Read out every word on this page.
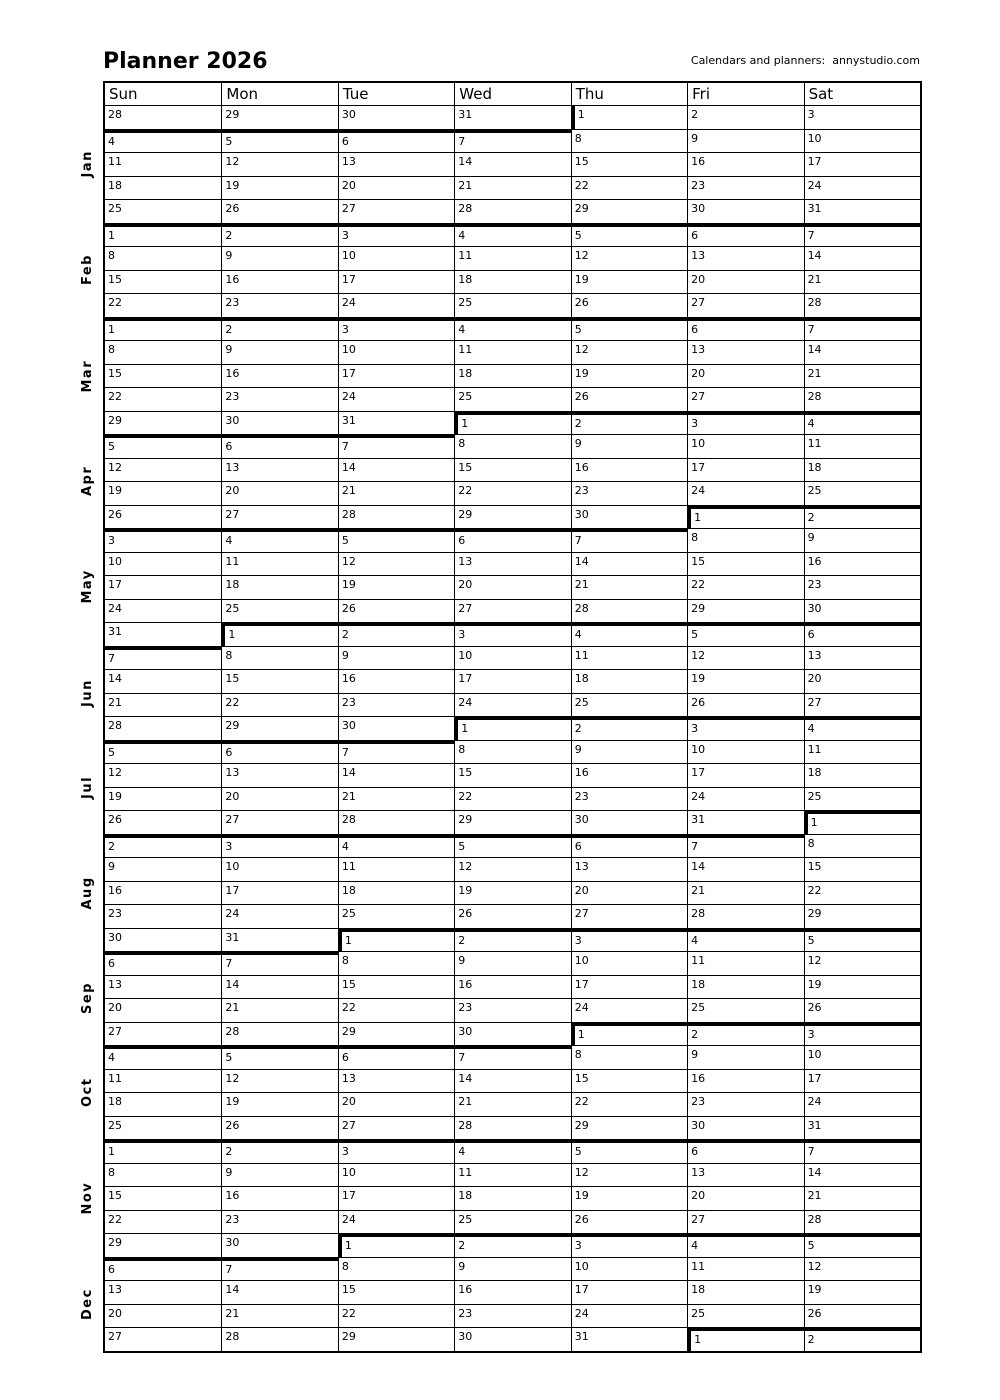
Planner 2026	Calendars and planners:  annystudio.com
Jan
Feb
Mar
Apr
May
Jun
Jul
Aug
Sep
Oct
Nov
Dec
Sun	Mon	Tue	Wed	Thu	Fri	Sat
28	29	30	31	1	2	3
4	5	6	7	8	9	10
11	12	13	14	15	16	17
18	19	20	21	22	23	24
25	26	27	28	29	30	31
1	2	3	4	5	6	7
8	9	10	11	12	13	14
15	16	17	18	19	20	21
22	23	24	25	26	27	28
1	2	3	4	5	6	7
8	9	10	11	12	13	14
15	16	17	18	19	20	21
22	23	24	25	26	27	28
29	30	31	1	2	3	4
5	6	7	8	9	10	11
12	13	14	15	16	17	18
19	20	21	22	23	24	25
26	27	28	29	30	1	2
3	4	5	6	7	8	9
10	11	12	13	14	15	16
17	18	19	20	21	22	23
24	25	26	27	28	29	30
31	1	2	3	4	5	6
7	8	9	10	11	12	13
14	15	16	17	18	19	20
21	22	23	24	25	26	27
28	29	30	1	2	3	4
5	6	7	8	9	10	11
12	13	14	15	16	17	18
19	20	21	22	23	24	25
26	27	28	29	30	31	1
2	3	4	5	6	7	8
9	10	11	12	13	14	15
16	17	18	19	20	21	22
23	24	25	26	27	28	29
30	31	1	2	3	4	5
6	7	8	9	10	11	12
13	14	15	16	17	18	19
20	21	22	23	24	25	26
27	28	29	30	1	2	3
4	5	6	7	8	9	10
11	12	13	14	15	16	17
18	19	20	21	22	23	24
25	26	27	28	29	30	31
1	2	3	4	5	6	7
8	9	10	11	12	13	14
15	16	17	18	19	20	21
22	23	24	25	26	27	28
29	30	1	2	3	4	5
6	7	8	9	10	11	12
13	14	15	16	17	18	19
20	21	22	23	24	25	26
27	28	29	30	31	1	2
